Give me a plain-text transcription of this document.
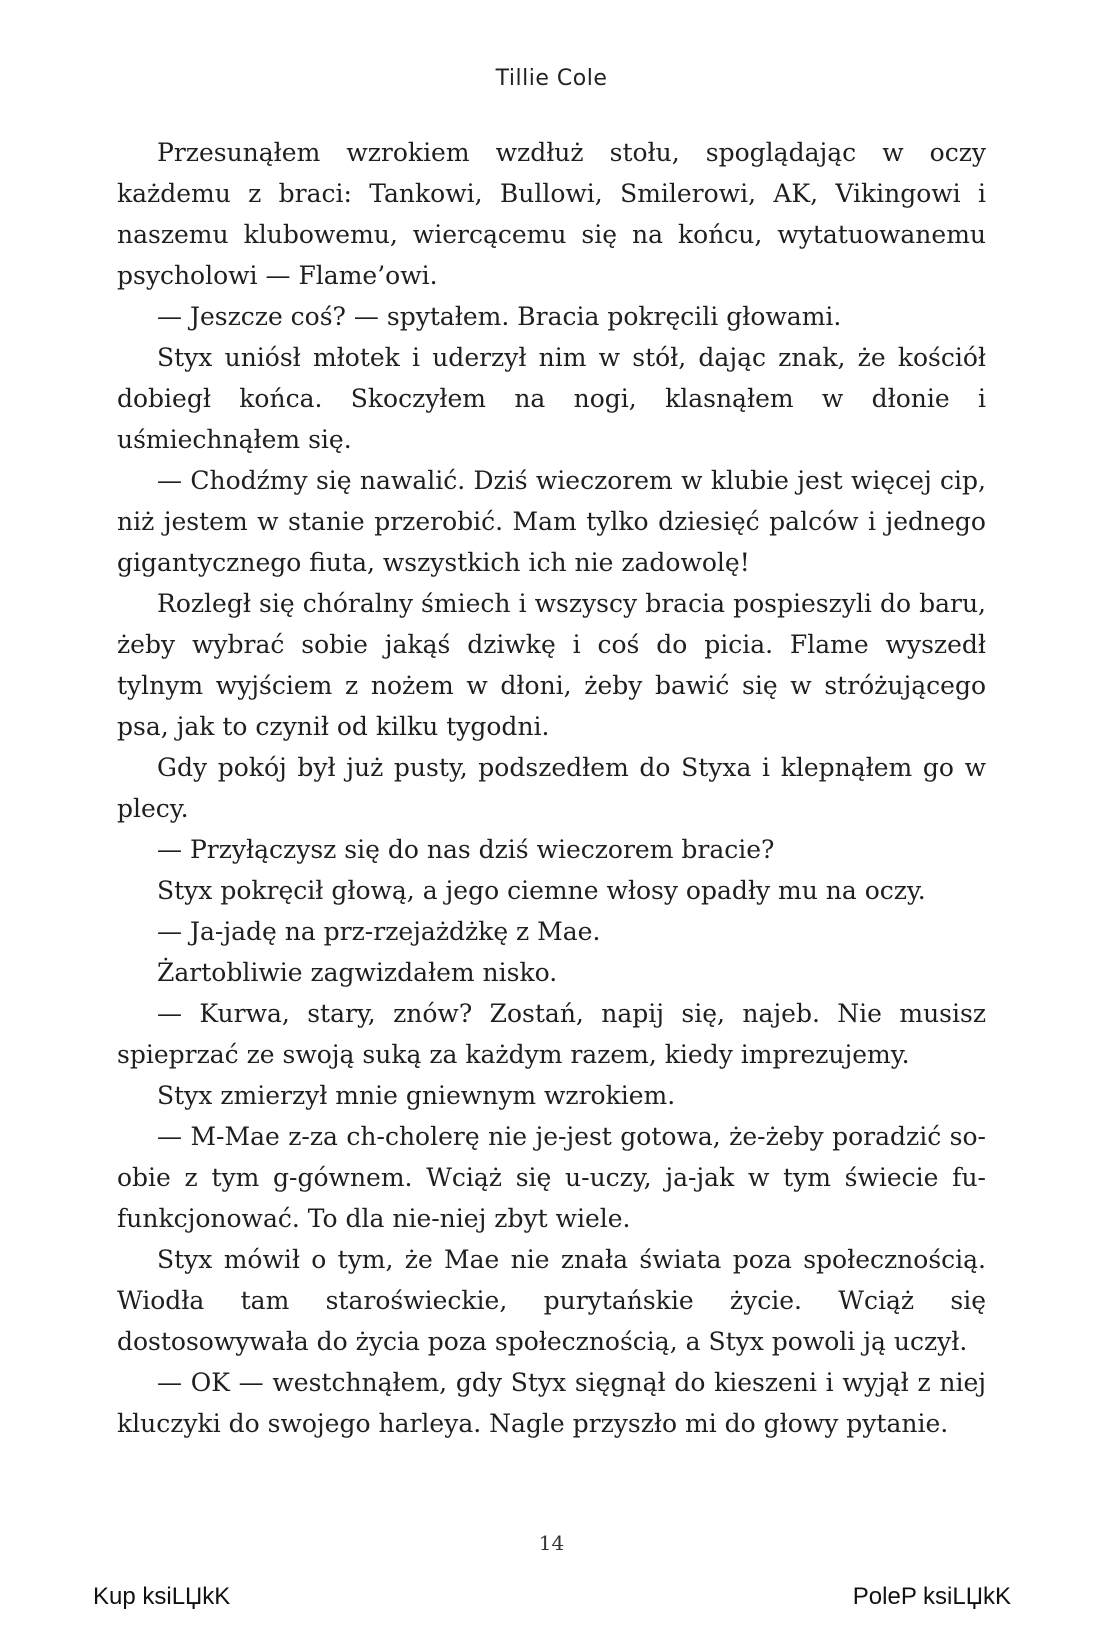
Tillie Cole

Przesunąłem wzrokiem wzdłuż stołu, spoglądając w oczy każdemu z braci: Tankowi, Bullowi, Smilerowi, AK, Vikingowi i naszemu klubowemu, wiercącemu się na końcu, wytatuowanemu psycholowi — Flame’owi.

— Jeszcze coś? — spytałem. Bracia pokręcili głowami.

Styx uniósł młotek i uderzył nim w stół, dając znak, że kościół dobiegł końca. Skoczyłem na nogi, klasnąłem w dłonie i uśmiechnąłem się.

— Chodźmy się nawalić. Dziś wieczorem w klubie jest więcej cip, niż jestem w stanie przerobić. Mam tylko dziesięć palców i jednego gigantycznego fiuta, wszystkich ich nie zadowolę!

Rozległ się chóralny śmiech i wszyscy bracia pospieszyli do baru, żeby wybrać sobie jakąś dziwkę i coś do picia. Flame wyszedł tylnym wyjściem z nożem w dłoni, żeby bawić się w stróżującego psa, jak to czynił od kilku tygodni.

Gdy pokój był już pusty, podszedłem do Styxa i klepnąłem go w plecy.

— Przyłączysz się do nas dziś wieczorem bracie?

Styx pokręcił głową, a jego ciemne włosy opadły mu na oczy.

— Ja-jadę na prz-rzejażdżkę z Mae.

Żartobliwie zagwizdałem nisko.

— Kurwa, stary, znów? Zostań, napij się, najeb. Nie musisz spieprzać ze swoją suką za każdym razem, kiedy imprezujemy.

Styx zmierzył mnie gniewnym wzrokiem.

— M-Mae z-za ch-cholerę nie je-jest gotowa, że-żeby poradzić so-obie z tym g-gównem. Wciąż się u-uczy, ja-jak w tym świecie fu-funkcjonować. To dla nie-niej zbyt wiele.

Styx mówił o tym, że Mae nie znała świata poza społecznością. Wiodła tam staroświeckie, purytańskie życie. Wciąż się dostosowywała do życia poza społecznością, a Styx powoli ją uczył.

— OK — westchnąłem, gdy Styx sięgnął do kieszeni i wyjął z niej kluczyki do swojego harleya. Nagle przyszło mi do głowy pytanie.

14
Kup ksiLЏkK	PoleP ksiLЏkK
